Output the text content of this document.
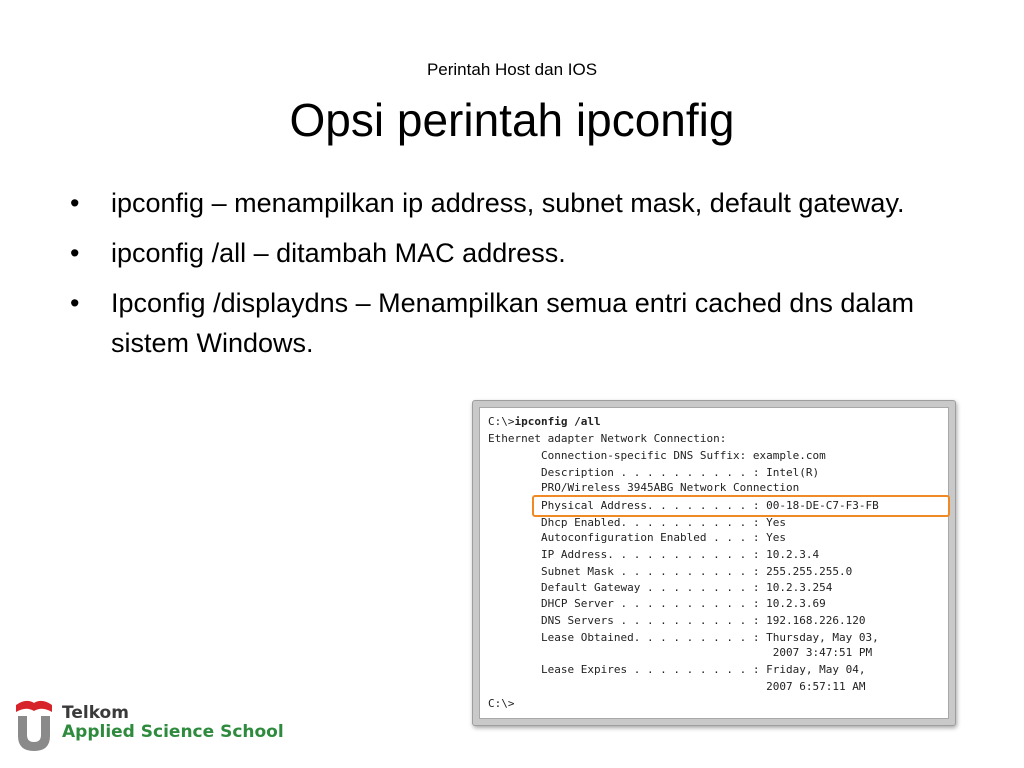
Perintah Host dan IOS
Opsi perintah ipconfig
• ipconfig – menampilkan ip address, subnet mask, default gateway.
• ipconfig /all – ditambah MAC address.
• Ipconfig /displaydns – Menampilkan semua entri cached dns dalam sistem Windows.
C:\>ipconfig /all
Ethernet adapter Network Connection:
Connection-specific DNS Suffix: example.com
Description . . . . . . . . . . : Intel(R)
PRO/Wireless 3945ABG Network Connection
Physical Address. . . . . . . . : 00-18-DE-C7-F3-FB
Dhcp Enabled. . . . . . . . . . : Yes
Autoconfiguration Enabled . . . : Yes
IP Address. . . . . . . . . . . : 10.2.3.4
Subnet Mask . . . . . . . . . . : 255.255.255.0
Default Gateway . . . . . . . . : 10.2.3.254
DHCP Server . . . . . . . . . . : 10.2.3.69
DNS Servers . . . . . . . . . . : 192.168.226.120
Lease Obtained. . . . . . . . . : Thursday, May 03,
2007 3:47:51 PM
Lease Expires . . . . . . . . . : Friday, May 04,
2007 6:57:11 AM
C:\>
Telkom
Applied Science School
